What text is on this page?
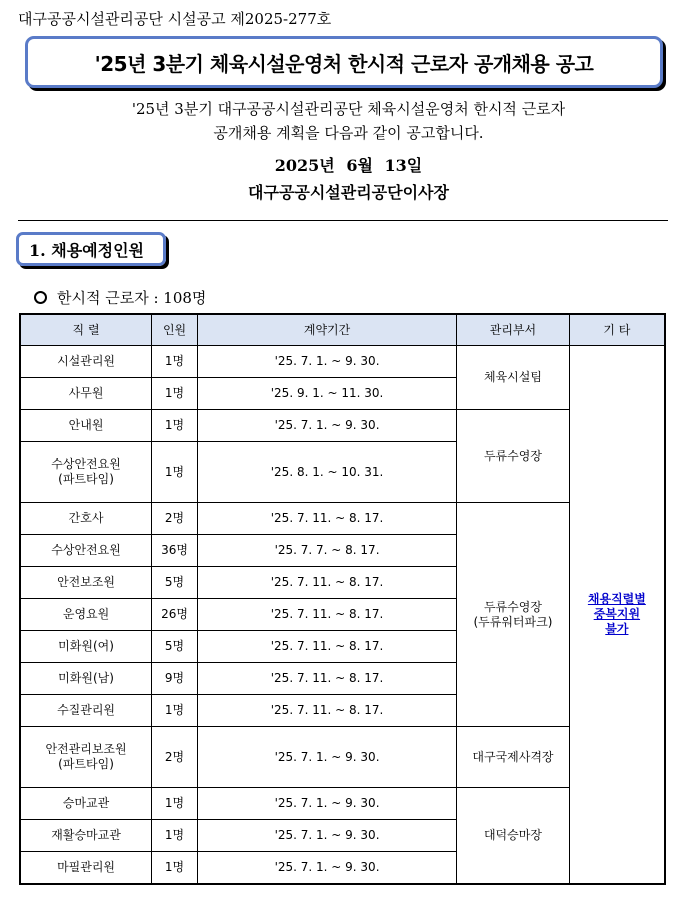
대구공공시설관리공단 시설공고 제2025-277호
'25년 3분기 체육시설운영처 한시적 근로자 공개채용 공고
'25년 3분기 대구공공시설관리공단 체육시설운영처 한시적 근로자
공개채용 계획을 다음과 같이 공고합니다.
2025년 6월 13일
대구공공시설관리공단이사장
1. 채용예정인원
한시적 근로자 : 108명
직 렬	인원	계약기간	관리부서	기 타
시설관리원	1명	'25. 7. 1. ~ 9. 30.	체육시설팀	채용직렬별
중복지원
불가
사무원	1명	'25. 9. 1. ~ 11. 30.		
안내원	1명	'25. 7. 1. ~ 9. 30.	두류수영장	
수상안전요원
(파트타임)	1명	'25. 8. 1. ~ 10. 31.		
간호사	2명	'25. 7. 11. ~ 8. 17.	두류수영장
(두류워터파크)	
수상안전요원	36명	'25. 7. 7. ~ 8. 17.		
안전보조원	5명	'25. 7. 11. ~ 8. 17.		
운영요원	26명	'25. 7. 11. ~ 8. 17.		
미화원(여)	5명	'25. 7. 11. ~ 8. 17.		
미화원(남)	9명	'25. 7. 11. ~ 8. 17.		
수질관리원	1명	'25. 7. 11. ~ 8. 17.		
안전관리보조원
(파트타임)	2명	'25. 7. 1. ~ 9. 30.	대구국제사격장	
승마교관	1명	'25. 7. 1. ~ 9. 30.	대덕승마장	
재활승마교관	1명	'25. 7. 1. ~ 9. 30.		
마필관리원	1명	'25. 7. 1. ~ 9. 30.		
